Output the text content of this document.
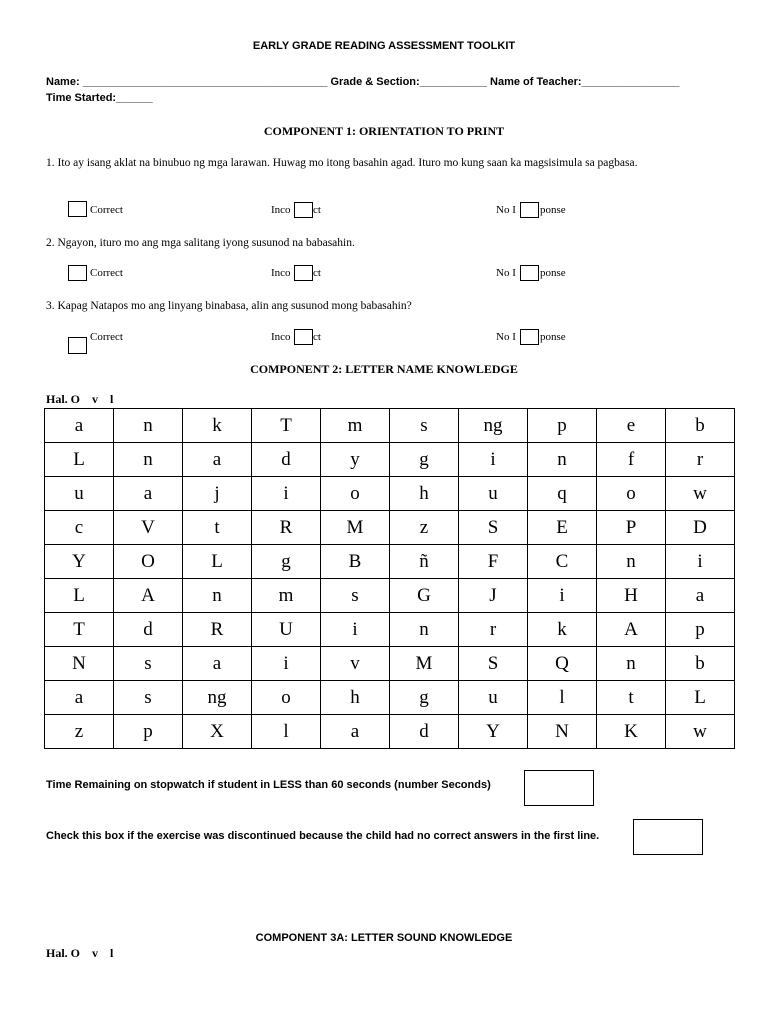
EARLY GRADE READING ASSESSMENT TOOLKIT
Name: ________________________________________ Grade & Section:___________ Name of Teacher:________________
Time Started:______
COMPONENT 1: ORIENTATION TO PRINT
1. Ito ay isang aklat na binubuo ng mga larawan. Huwag mo itong basahin agad. Ituro mo kung saan ka magsisimula sa pagbasa.
Correct	Inco ct	No I ponse
2. Ngayon, ituro mo ang mga salitang iyong susunod na babasahin.
Correct	Inco ct	No I ponse
3. Kapag Natapos mo ang linyang binabasa, alin ang susunod mong babasahin?
Correct	Inco ct	No I ponse
COMPONENT 2: LETTER NAME KNOWLEDGE
Hal. O    v    l
a	n	k	T	m	s	ng	p	e	b
L	n	a	d	y	g	i	n	f	r
u	a	j	i	o	h	u	q	o	w
c	V	t	R	M	z	S	E	P	D
Y	O	L	g	B	ñ	F	C	n	i
L	A	n	m	s	G	J	i	H	a
T	d	R	U	i	n	r	k	A	p
N	s	a	i	v	M	S	Q	n	b
a	s	ng	o	h	g	u	l	t	L
z	p	X	l	a	d	Y	N	K	w
Time Remaining on stopwatch if student in LESS than 60 seconds (number Seconds)
Check this box if the exercise was discontinued because the child had no correct answers in the first line.
COMPONENT 3A: LETTER SOUND KNOWLEDGE
Hal. O    v    l
